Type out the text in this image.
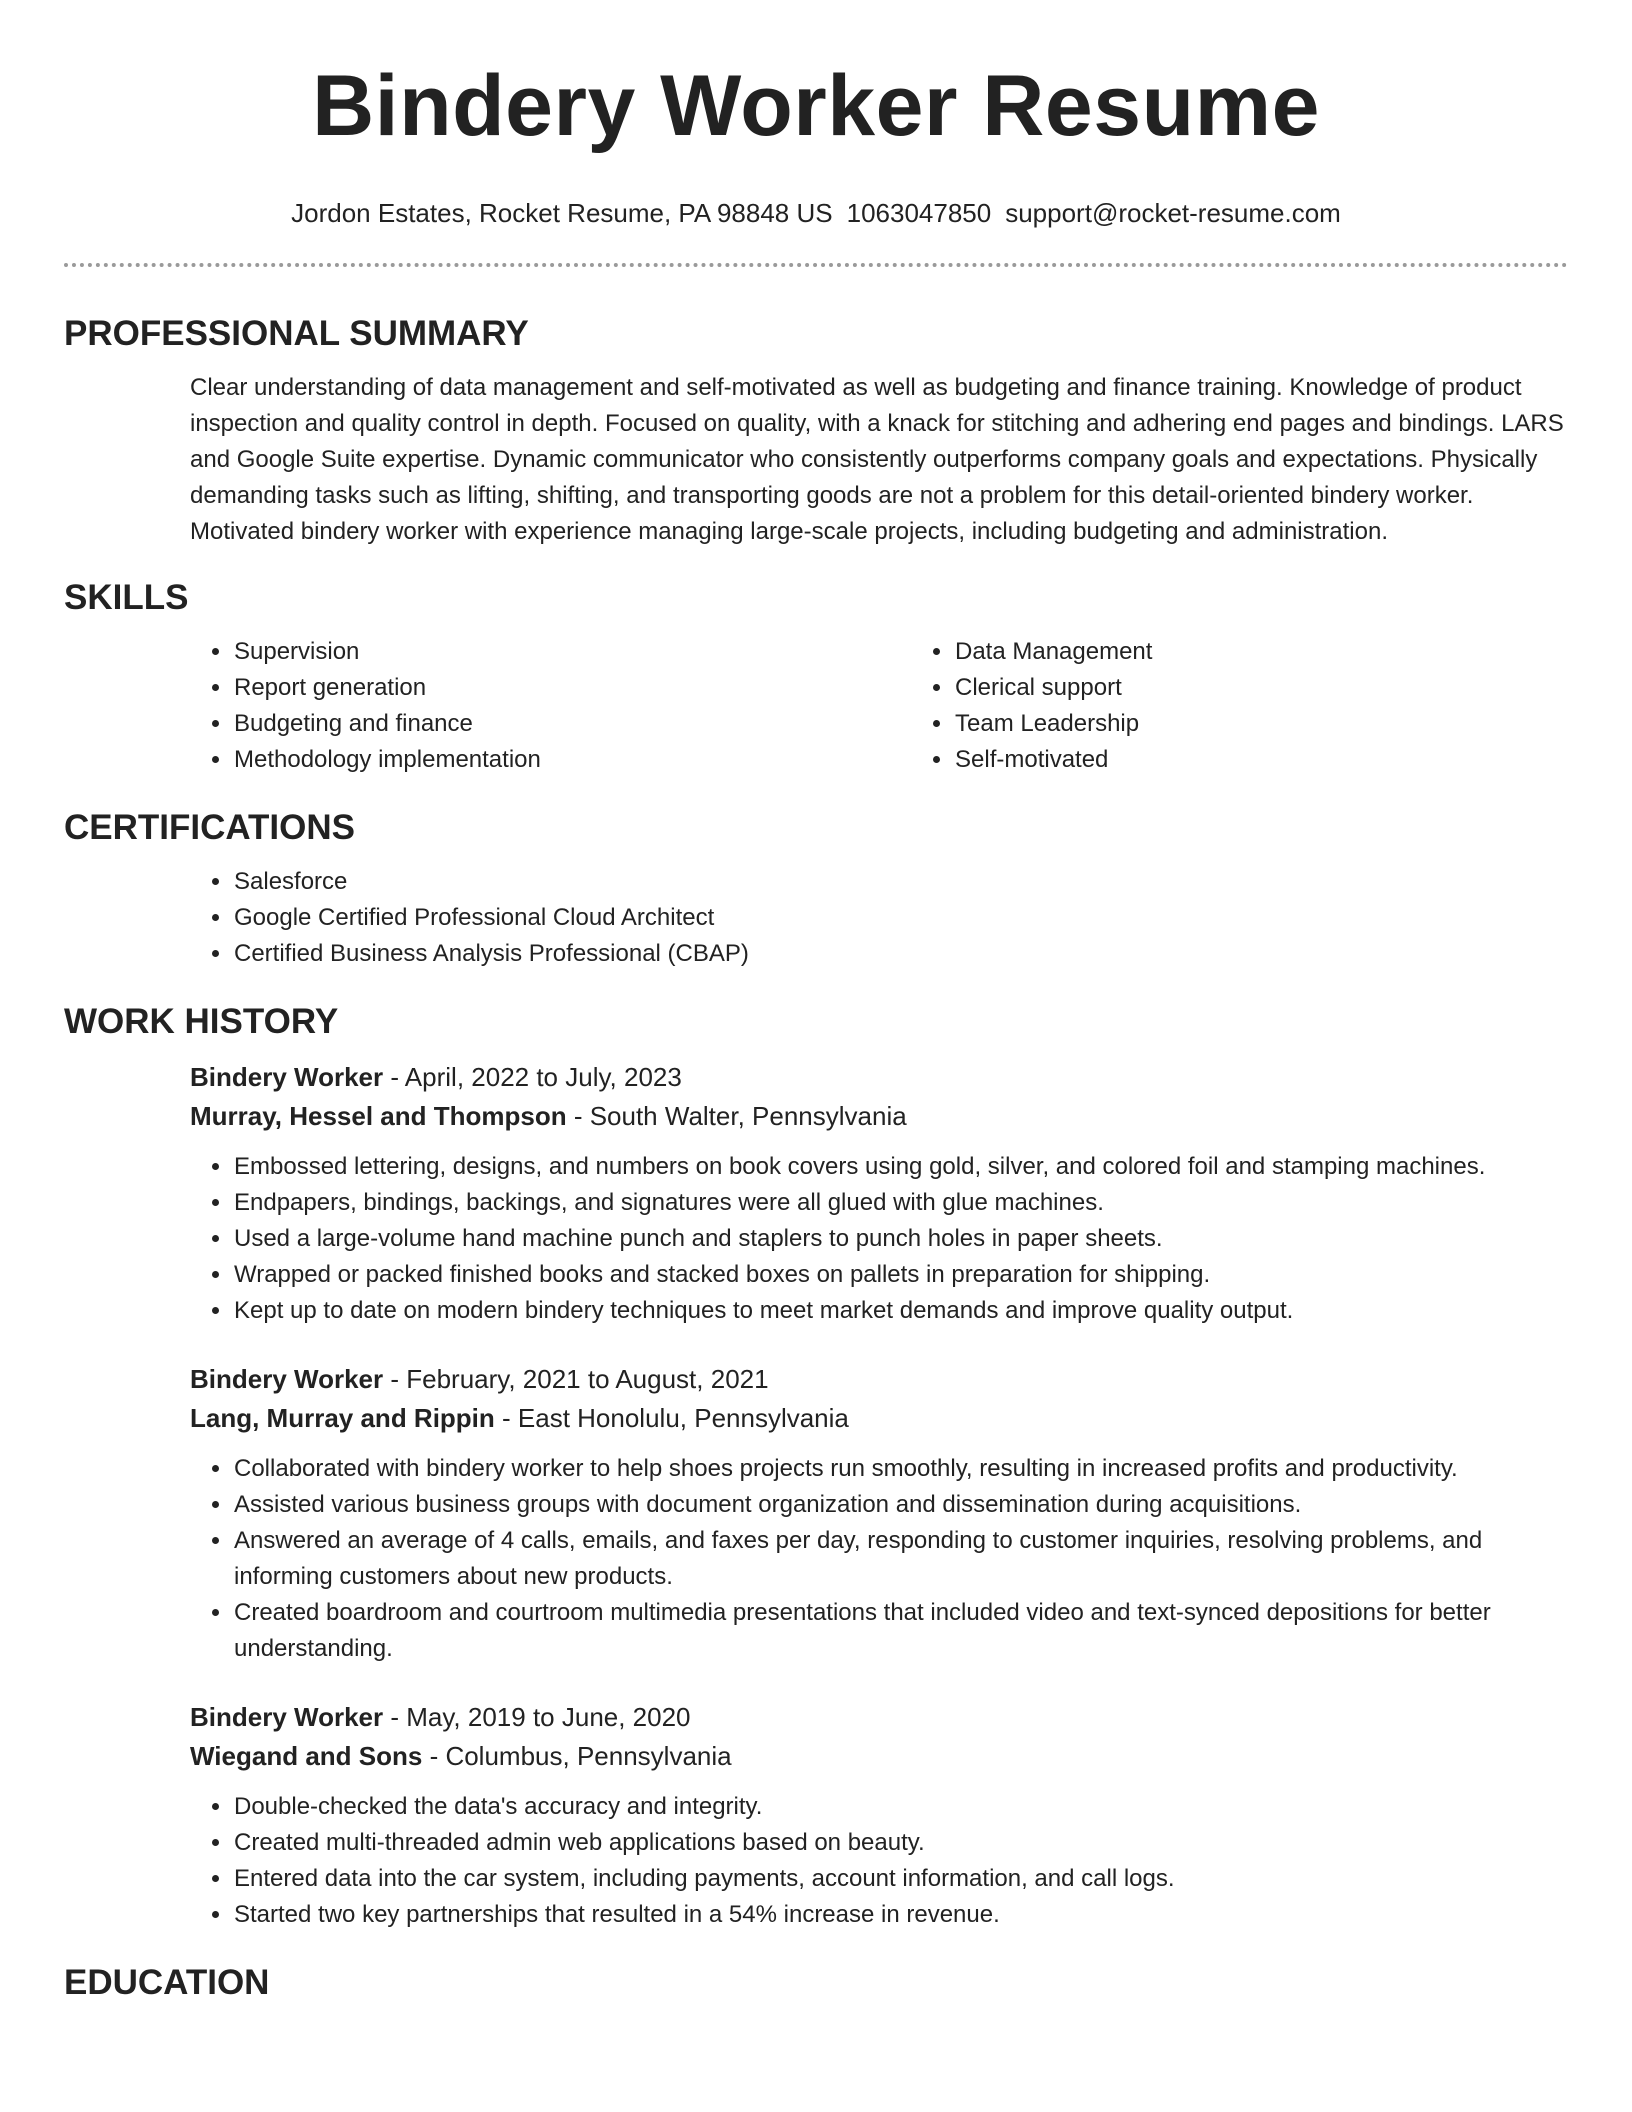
Bindery Worker Resume
Jordon Estates, Rocket Resume, PA 98848 US 1063047850 support@rocket-resume.com
PROFESSIONAL SUMMARY

Clear understanding of data management and self-motivated as well as budgeting and finance training. Knowledge of product inspection and quality control in depth. Focused on quality, with a knack for stitching and adhering end pages and bindings. LARS and Google Suite expertise. Dynamic communicator who consistently outperforms company goals and expectations. Physically demanding tasks such as lifting, shifting, and transporting goods are not a problem for this detail-oriented bindery worker. Motivated bindery worker with experience managing large-scale projects, including budgeting and administration.

SKILLS
• Supervision
• Report generation
• Budgeting and finance
• Methodology implementation
• Data Management
• Clerical support
• Team Leadership
• Self-motivated
CERTIFICATIONS
• Salesforce
• Google Certified Professional Cloud Architect
• Certified Business Analysis Professional (CBAP)
WORK HISTORY
Bindery Worker - April, 2022 to July, 2023
Murray, Hessel and Thompson - South Walter, Pennsylvania
• Embossed lettering, designs, and numbers on book covers using gold, silver, and colored foil and stamping machines.
• Endpapers, bindings, backings, and signatures were all glued with glue machines.
• Used a large-volume hand machine punch and staplers to punch holes in paper sheets.
• Wrapped or packed finished books and stacked boxes on pallets in preparation for shipping.
• Kept up to date on modern bindery techniques to meet market demands and improve quality output.
Bindery Worker - February, 2021 to August, 2021
Lang, Murray and Rippin - East Honolulu, Pennsylvania
• Collaborated with bindery worker to help shoes projects run smoothly, resulting in increased profits and productivity.
• Assisted various business groups with document organization and dissemination during acquisitions.
• Answered an average of 4 calls, emails, and faxes per day, responding to customer inquiries, resolving problems, and informing customers about new products.
• Created boardroom and courtroom multimedia presentations that included video and text-synced depositions for better understanding.
Bindery Worker - May, 2019 to June, 2020
Wiegand and Sons - Columbus, Pennsylvania
• Double-checked the data's accuracy and integrity.
• Created multi-threaded admin web applications based on beauty.
• Entered data into the car system, including payments, account information, and call logs.
• Started two key partnerships that resulted in a 54% increase in revenue.
EDUCATION
